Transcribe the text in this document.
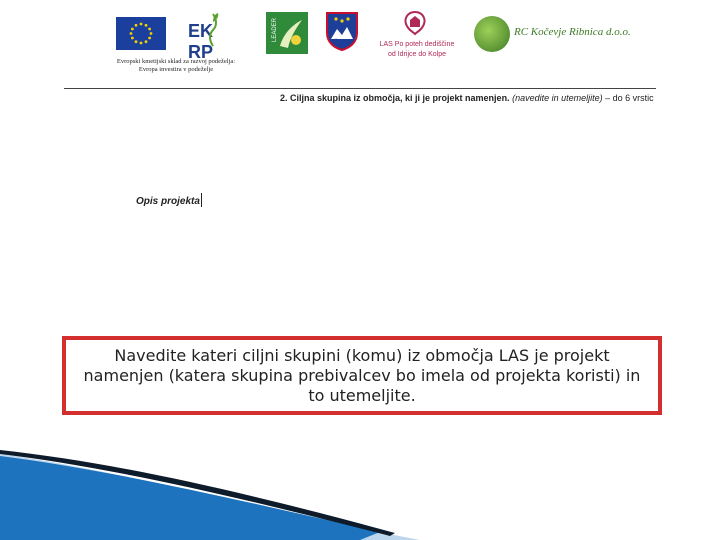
EK RP
LEADER
LAS Po poteh dediščine
od Idrijce do Kolpe
RC Kočevje Ribnica d.o.o.
Evropski kmetijski sklad za razvoj podeželja:
Evropa investira v podeželje
2. Ciljna skupina iz območja, ki ji je projekt namenjen. (navedite in utemeljite) – do 6 vrstic
Opis projekta
Navedite kateri ciljni skupini (komu) iz območja LAS je projekt namenjen (katera skupina prebivalcev bo imela od projekta koristi) in to utemeljite.
